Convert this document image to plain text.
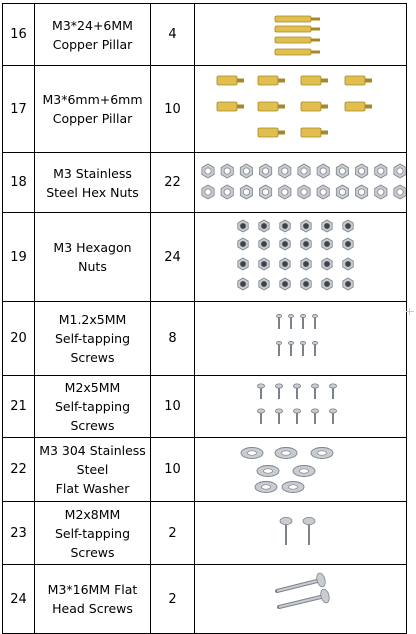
16	M3*24+6MM
Copper Pillar	4	

17	M3*6mm+6mm
Copper Pillar	10	

18	M3 Stainless
Steel Hex Nuts	22	

19	M3 Hexagon
Nuts	24	

20	M1.2x5MM
Self-tapping
Screws	8	

21	M2x5MM
Self-tapping
Screws	10	

22	M3 304 Stainless
Steel
Flat Washer	10	

23	M2x8MM
Self-tapping
Screws	2	

24	M3*16MM Flat
Head Screws	2	
